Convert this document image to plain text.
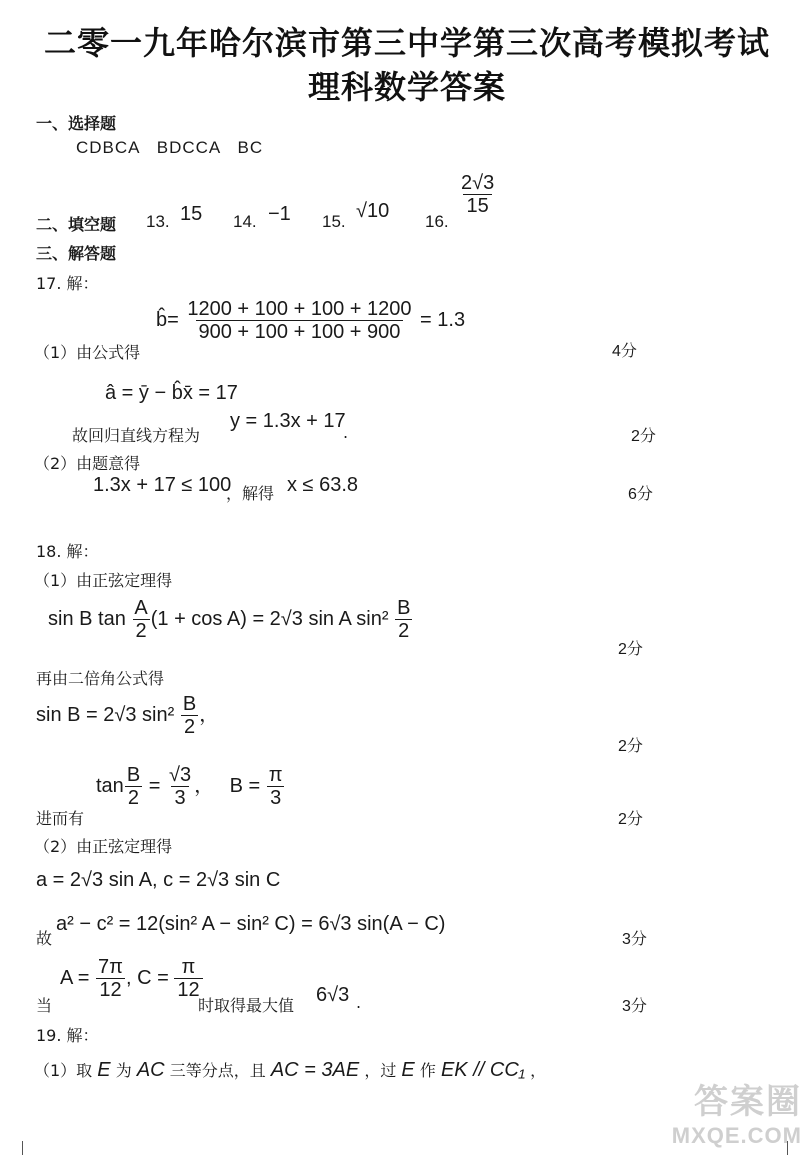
二零一九年哈尔滨市第三中学第三次高考模拟考试
理科数学答案
一、选择题
CDBCA   BDCCA   BC
二、填空题 13. 15 14. −1 15. √10 16.
$\frac{2√3}{15}$
三、解答题
17. 解：
（1）由公式得
b̂= $\frac{1200 + 100 + 100 + 1200}{900 + 100 + 100 + 900} = 1.3$
4分
â = ȳ − b̂x̄ = 17
故回归直线方程为
y = 1.3x + 17
.	2分
（2）由题意得
1.3x + 17 ≤ 100
，解得 x ≤ 63.8	6分
18. 解：
（1）由正弦定理得
sin B $\tan \frac{A}{2} (1 + \cos A) = 2√3$ sin A $\sin^2 \frac{B}{2}$
2分
再由二倍角公式得
sin B = 2√3 $\sin^2 \frac{B}{2}$ ，
2分
进而有
$\tan \frac{B}{2} = \frac{√3}{3}$ ， $B = \frac{\pi}{3}$
2分
（2）由正弦定理得
a = 2√3 sin A, c = 2√3 sin C
故
a² − c² = 12(sin² A − sin² C) = 6√3 sin(A − C)
3分
当
$A = \frac{7\pi}{12}$ , $C = \frac{\pi}{12}$
时取得最大值 6√3 .	3分
19. 解：
（1）取 E 为 AC 三等分点，且 AC = 3AE ，过 E 作 EK // CC₁ ，
答案圈
MXQE.COM
